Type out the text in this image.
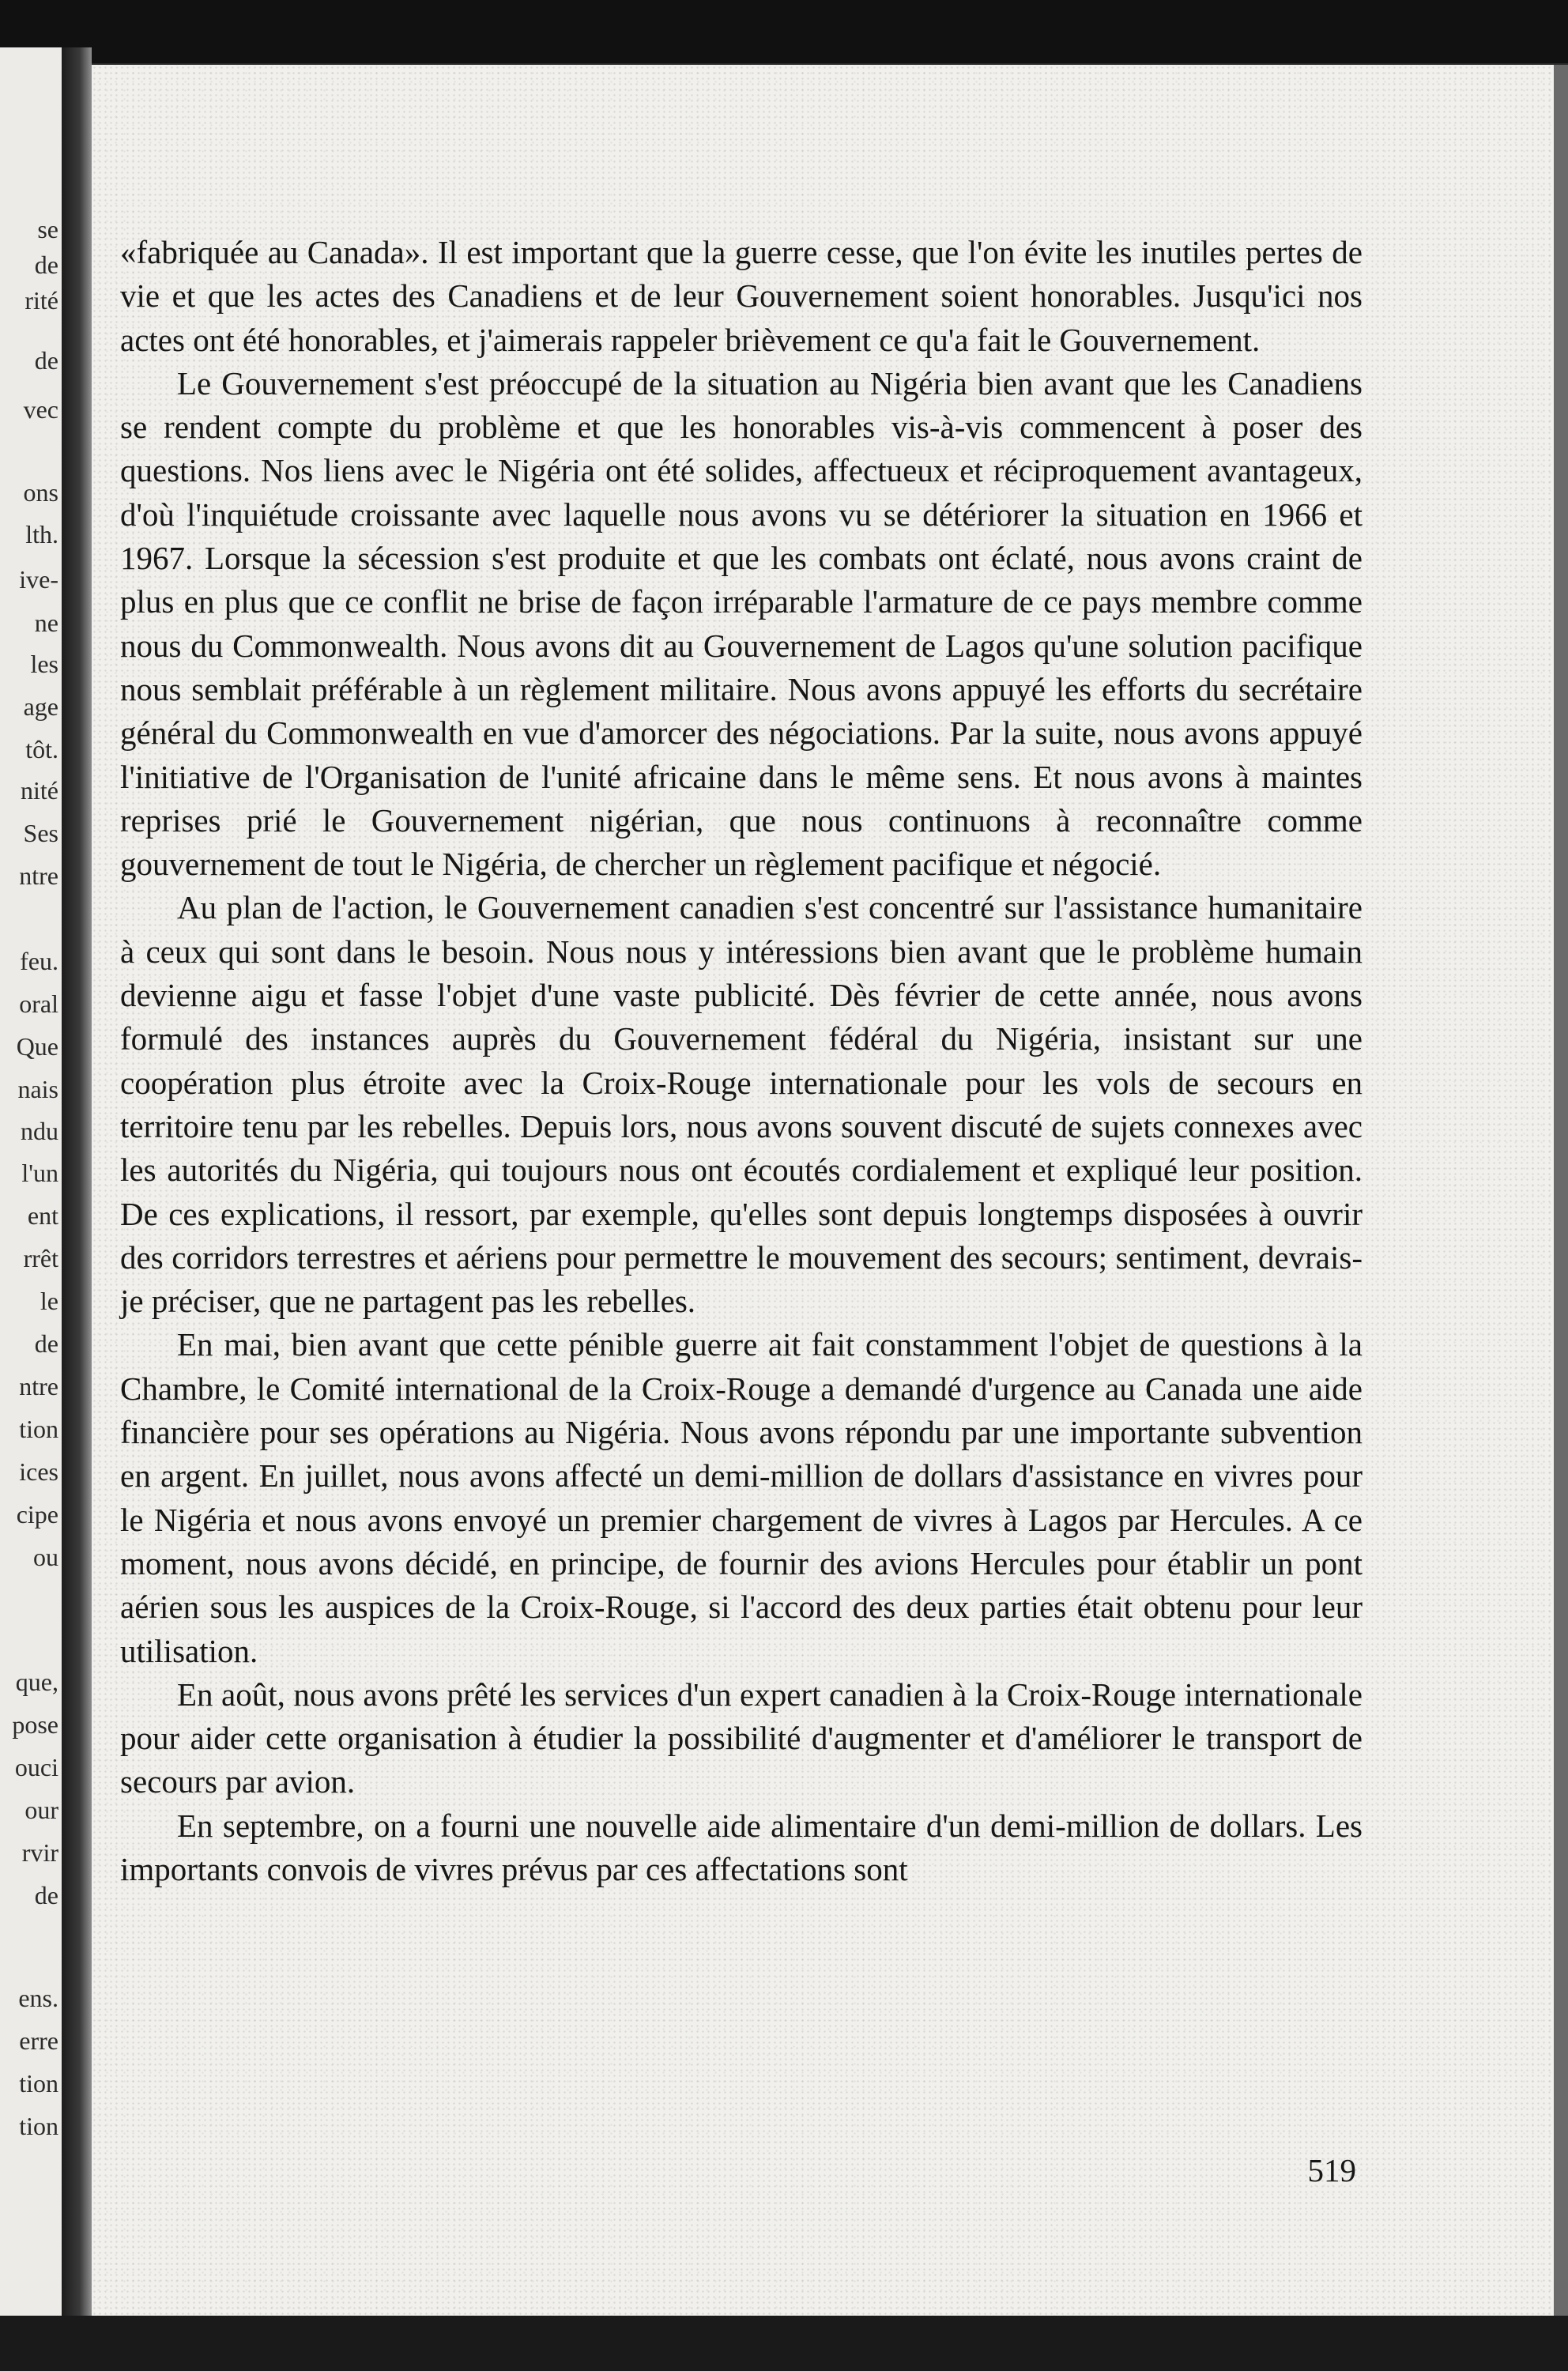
se
de
rité
de
vec
ons
lth.
ive-
ne
les
age
tôt.
nité
Ses
ntre
feu.
oral
Que
nais
ndu
l'un
ent
rrêt
le
de
ntre
tion
ices
cipe
ou
que,
pose
ouci
our
rvir
de
ens.
erre
tion
tion

«fabriquée au Canada». Il est important que la guerre cesse, que l'on évite les inutiles pertes de vie et que les actes des Canadiens et de leur Gouvernement soient honorables. Jusqu'ici nos actes ont été honorables, et j'aimerais rappeler brièvement ce qu'a fait le Gouvernement.

Le Gouvernement s'est préoccupé de la situation au Nigéria bien avant que les Canadiens se rendent compte du problème et que les honorables vis-à-vis commencent à poser des questions. Nos liens avec le Nigéria ont été solides, affectueux et réciproquement avantageux, d'où l'inquiétude croissante avec laquelle nous avons vu se détériorer la situation en 1966 et 1967. Lorsque la sécession s'est produite et que les combats ont éclaté, nous avons craint de plus en plus que ce conflit ne brise de façon irréparable l'armature de ce pays membre comme nous du Commonwealth. Nous avons dit au Gouvernement de Lagos qu'une solution pacifique nous semblait préférable à un règlement militaire. Nous avons appuyé les efforts du secrétaire général du Commonwealth en vue d'amorcer des négociations. Par la suite, nous avons appuyé l'initiative de l'Organisation de l'unité africaine dans le même sens. Et nous avons à maintes reprises prié le Gouvernement nigérian, que nous continuons à reconnaître comme gouvernement de tout le Nigéria, de chercher un règlement pacifique et négocié.

Au plan de l'action, le Gouvernement canadien s'est concentré sur l'assistance humanitaire à ceux qui sont dans le besoin. Nous nous y intéressions bien avant que le problème humain devienne aigu et fasse l'objet d'une vaste publicité. Dès février de cette année, nous avons formulé des instances auprès du Gouvernement fédéral du Nigéria, insistant sur une coopération plus étroite avec la Croix-Rouge internationale pour les vols de secours en territoire tenu par les rebelles. Depuis lors, nous avons souvent discuté de sujets connexes avec les autorités du Nigéria, qui toujours nous ont écoutés cordialement et expliqué leur position. De ces explications, il ressort, par exemple, qu'elles sont depuis longtemps disposées à ouvrir des corridors terrestres et aériens pour permettre le mouvement des secours; sentiment, devrais-je préciser, que ne partagent pas les rebelles.

En mai, bien avant que cette pénible guerre ait fait constamment l'objet de questions à la Chambre, le Comité international de la Croix-Rouge a demandé d'urgence au Canada une aide financière pour ses opérations au Nigéria. Nous avons répondu par une importante subvention en argent. En juillet, nous avons affecté un demi-million de dollars d'assistance en vivres pour le Nigéria et nous avons envoyé un premier chargement de vivres à Lagos par Hercules. A ce moment, nous avons décidé, en principe, de fournir des avions Hercules pour établir un pont aérien sous les auspices de la Croix-Rouge, si l'accord des deux parties était obtenu pour leur utilisation.

En août, nous avons prêté les services d'un expert canadien à la Croix-Rouge internationale pour aider cette organisation à étudier la possibilité d'augmenter et d'améliorer le transport de secours par avion.

En septembre, on a fourni une nouvelle aide alimentaire d'un demi-million de dollars. Les importants convois de vivres prévus par ces affectations sont

519
